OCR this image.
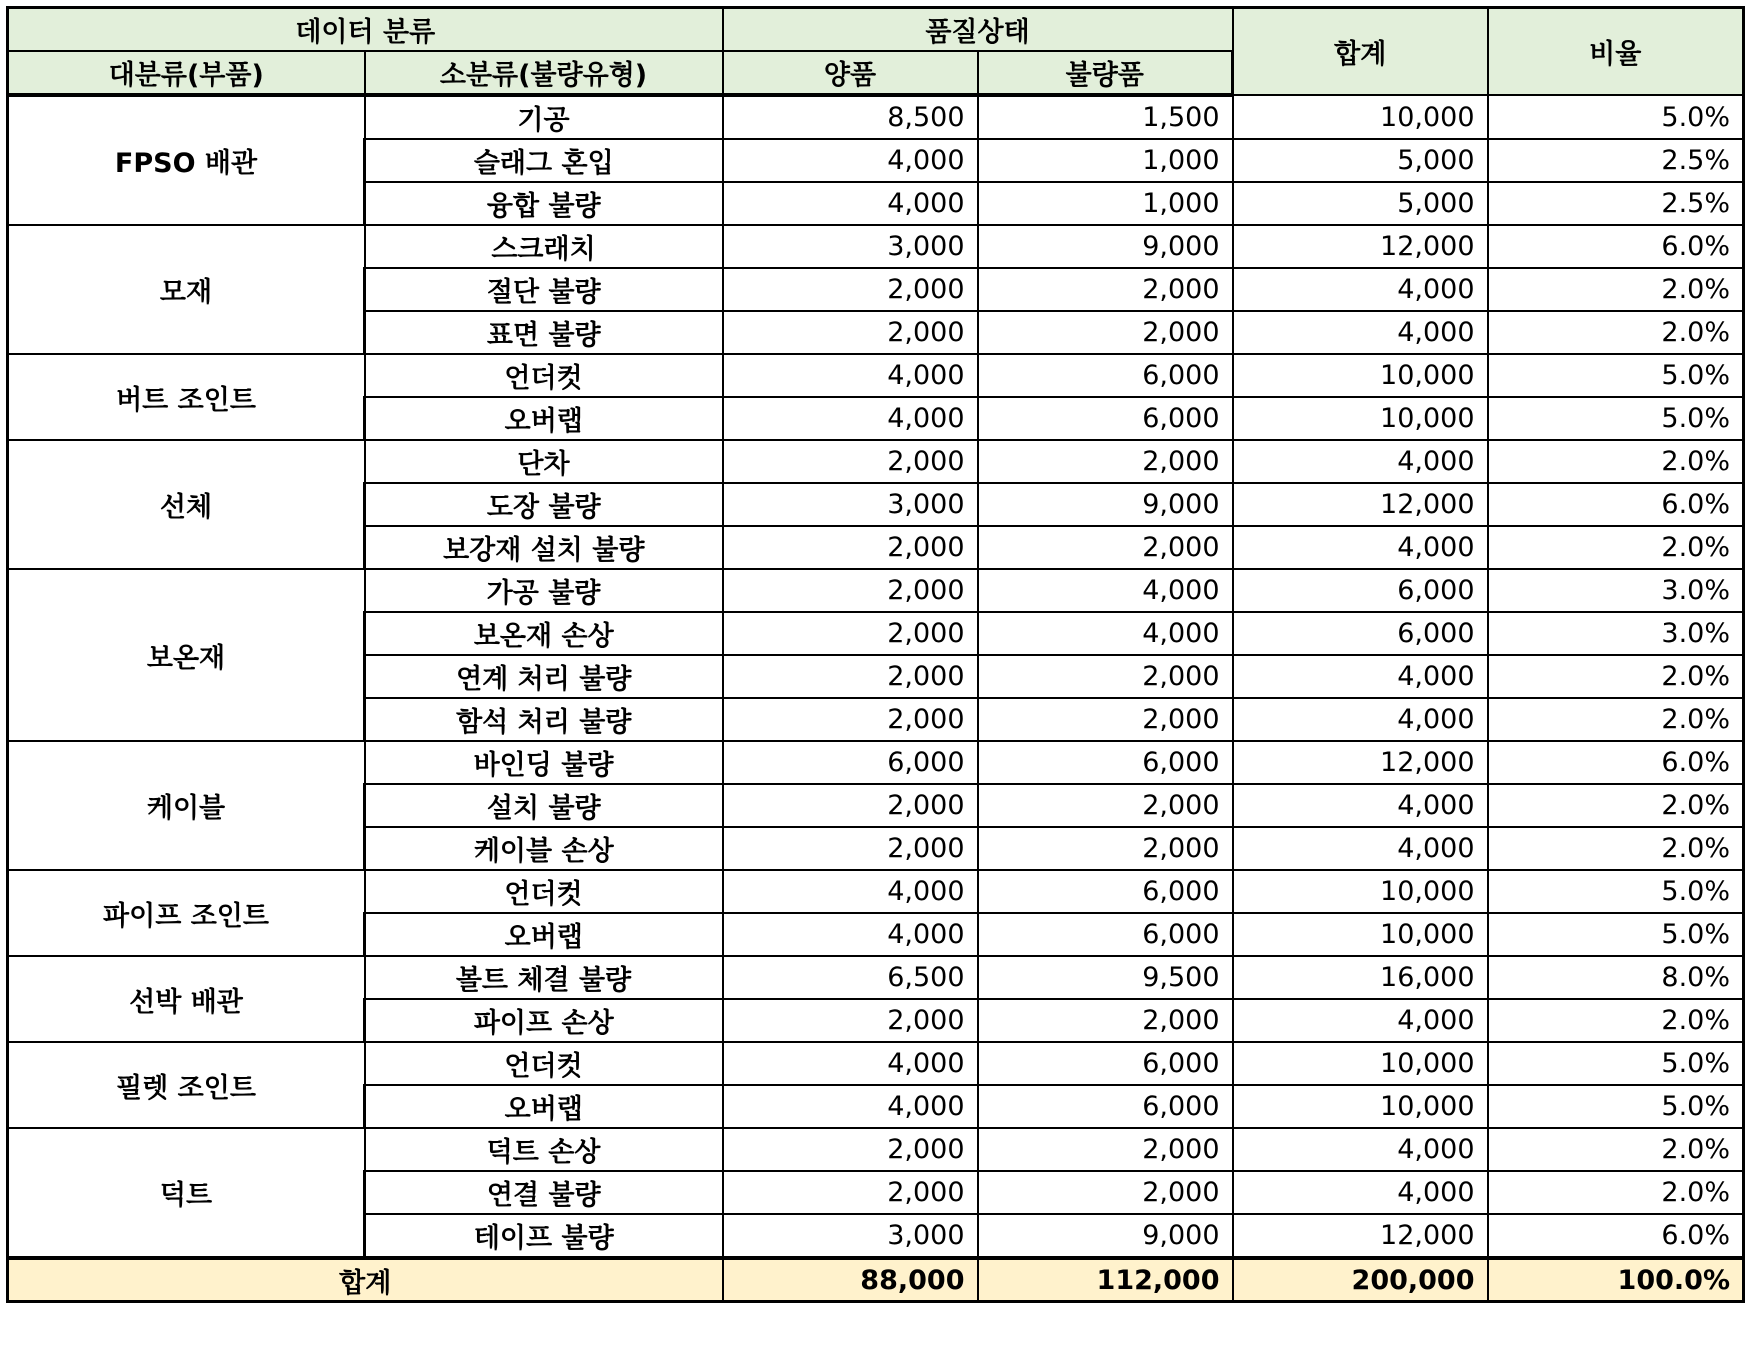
데이터 분류		품질상태		합계	비율
대분류(부품)	소분류(불량유형)	양품	불량품		
FPSO 배관	기공	8,500	1,500	10,000	5.0%
	슬래그 혼입	4,000	1,000	5,000	2.5%
	융합 불량	4,000	1,000	5,000	2.5%
모재	스크래치	3,000	9,000	12,000	6.0%
	절단 불량	2,000	2,000	4,000	2.0%
	표면 불량	2,000	2,000	4,000	2.0%
버트 조인트	언더컷	4,000	6,000	10,000	5.0%
	오버랩	4,000	6,000	10,000	5.0%
선체	단차	2,000	2,000	4,000	2.0%
	도장 불량	3,000	9,000	12,000	6.0%
	보강재 설치 불량	2,000	2,000	4,000	2.0%
보온재	가공 불량	2,000	4,000	6,000	3.0%
	보온재 손상	2,000	4,000	6,000	3.0%
	연계 처리 불량	2,000	2,000	4,000	2.0%
	함석 처리 불량	2,000	2,000	4,000	2.0%
케이블	바인딩 불량	6,000	6,000	12,000	6.0%
	설치 불량	2,000	2,000	4,000	2.0%
	케이블 손상	2,000	2,000	4,000	2.0%
파이프 조인트	언더컷	4,000	6,000	10,000	5.0%
	오버랩	4,000	6,000	10,000	5.0%
선박 배관	볼트 체결 불량	6,500	9,500	16,000	8.0%
	파이프 손상	2,000	2,000	4,000	2.0%
필렛 조인트	언더컷	4,000	6,000	10,000	5.0%
	오버랩	4,000	6,000	10,000	5.0%
덕트	덕트 손상	2,000	2,000	4,000	2.0%
	연결 불량	2,000	2,000	4,000	2.0%
	테이프 불량	3,000	9,000	12,000	6.0%
합계		88,000	112,000	200,000	100.0%
